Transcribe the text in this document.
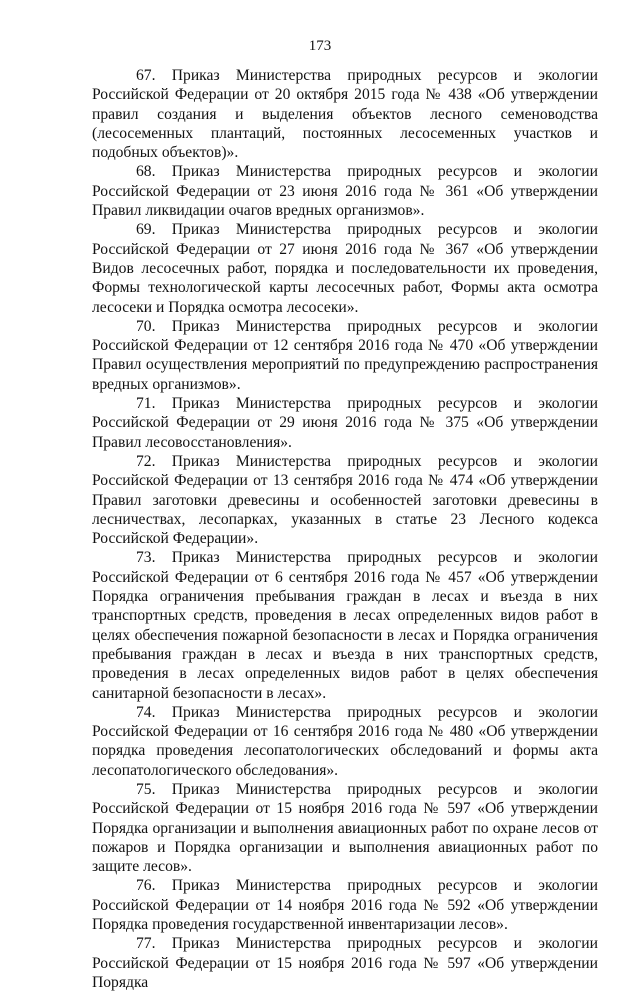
173

67. Приказ Министерства природных ресурсов и экологии Российской Федерации от 20 октября 2015 года № 438 «Об утверждении правил создания и выделения объектов лесного семеноводства (лесосеменных плантаций, постоянных лесосеменных участков и подобных объектов)».

68. Приказ Министерства природных ресурсов и экологии Российской Федерации от 23 июня 2016 года № 361 «Об утверждении Правил ликвидации очагов вредных организмов».

69. Приказ Министерства природных ресурсов и экологии Российской Федерации от 27 июня 2016 года № 367 «Об утверждении Видов лесосечных работ, порядка и последовательности их проведения, Формы технологической карты лесосечных работ, Формы акта осмотра лесосеки и Порядка осмотра лесосеки».

70. Приказ Министерства природных ресурсов и экологии Российской Федерации от 12 сентября 2016 года № 470 «Об утверждении Правил осуществления мероприятий по предупреждению распространения вредных организмов».

71. Приказ Министерства природных ресурсов и экологии Российской Федерации от 29 июня 2016 года № 375 «Об утверждении Правил лесовосстановления».

72. Приказ Министерства природных ресурсов и экологии Российской Федерации от 13 сентября 2016 года № 474 «Об утверждении Правил заготовки древесины и особенностей заготовки древесины в лесничествах, лесопарках, указанных в статье 23 Лесного кодекса Российской Федерации».

73. Приказ Министерства природных ресурсов и экологии Российской Федерации от 6 сентября 2016 года № 457 «Об утверждении Порядка ограничения пребывания граждан в лесах и въезда в них транспортных средств, проведения в лесах определенных видов работ в целях обеспечения пожарной безопасности в лесах и Порядка ограничения пребывания граждан в лесах и въезда в них транспортных средств, проведения в лесах определенных видов работ в целях обеспечения санитарной безопасности в лесах».

74. Приказ Министерства природных ресурсов и экологии Российской Федерации от 16 сентября 2016 года № 480 «Об утверждении порядка проведения лесопатологических обследований и формы акта лесопатологического обследования».

75. Приказ Министерства природных ресурсов и экологии Российской Федерации от 15 ноября 2016 года № 597 «Об утверждении Порядка организации и выполнения авиационных работ по охране лесов от пожаров и Порядка организации и выполнения авиационных работ по защите лесов».

76. Приказ Министерства природных ресурсов и экологии Российской Федерации от 14 ноября 2016 года № 592 «Об утверждении Порядка проведения государственной инвентаризации лесов».

77. Приказ Министерства природных ресурсов и экологии Российской Федерации от 15 ноября 2016 года № 597 «Об утверждении Порядка
